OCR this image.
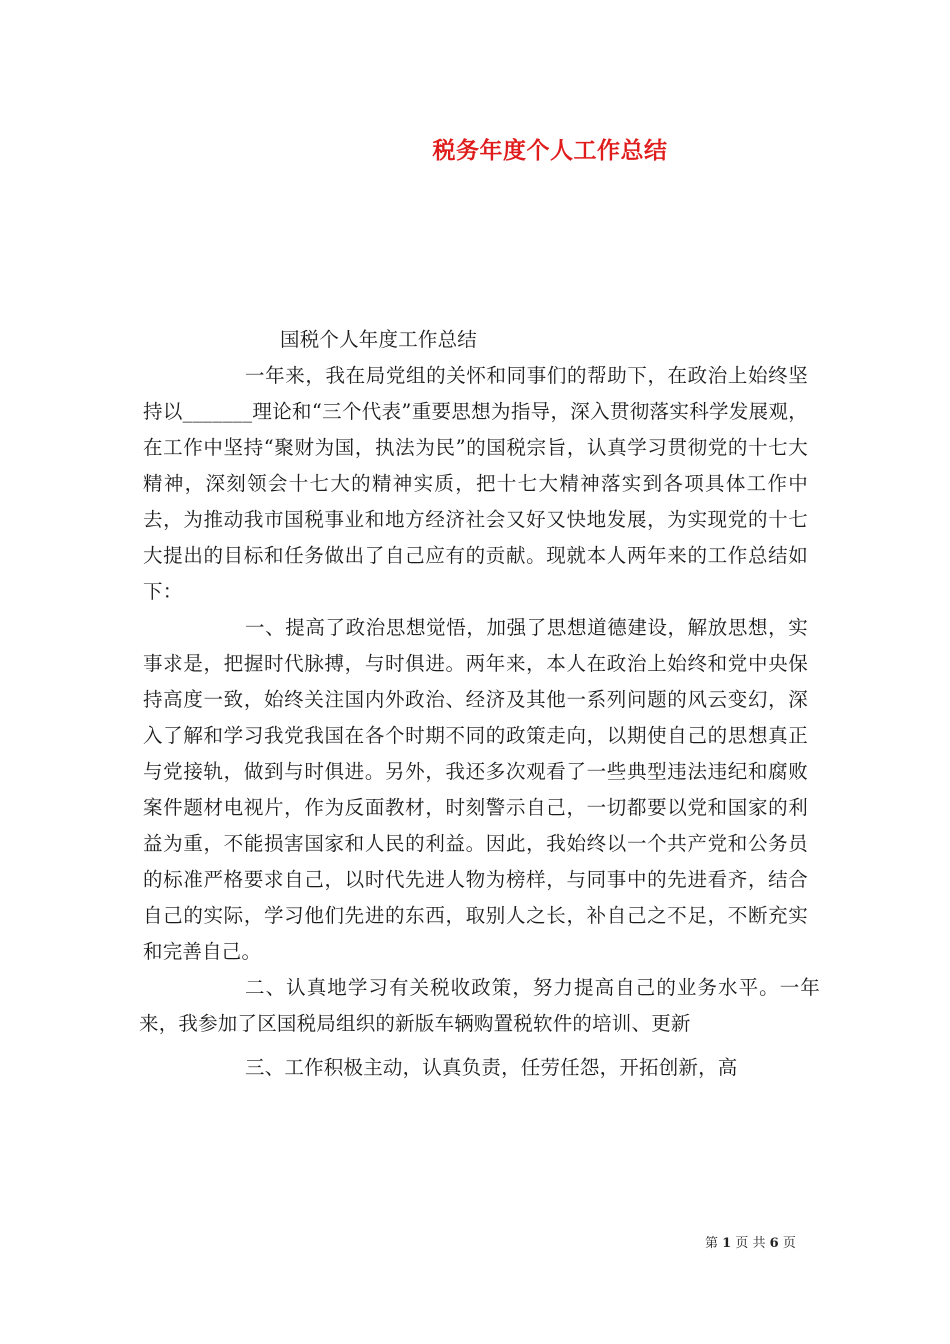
税务年度个人工作总结
国税个人年度工作总结

一年来，我在局党组的关怀和同事们的帮助下，在政治上始终坚持以_______理论和“三个代表”重要思想为指导，深入贯彻落实科学发展观，在工作中坚持“聚财为国，执法为民”的国税宗旨，认真学习贯彻党的十七大精神，深刻领会十七大的精神实质，把十七大精神落实到各项具体工作中去，为推动我市国税事业和地方经济社会又好又快地发展，为实现党的十七大提出的目标和任务做出了自己应有的贡献。现就本人两年来的工作总结如下：

一、提高了政治思想觉悟，加强了思想道德建设，解放思想，实事求是，把握时代脉搏，与时俱进。两年来，本人在政治上始终和党中央保持高度一致，始终关注国内外政治、经济及其他一系列问题的风云变幻，深入了解和学习我党我国在各个时期不同的政策走向，以期使自己的思想真正与党接轨，做到与时俱进。另外，我还多次观看了一些典型违法违纪和腐败案件题材电视片，作为反面教材，时刻警示自己，一切都要以党和国家的利益为重，不能损害国家和人民的利益。因此，我始终以一个共产党和公务员的标准严格要求自己，以时代先进人物为榜样，与同事中的先进看齐，结合自己的实际，学习他们先进的东西，取别人之长，补自己之不足，不断充实和完善自己。

二、认真地学习有关税收政策，努力提高自己的业务水平。一年来，我参加了区国税局组织的新版车辆购置税软件的培训、更新

三、工作积极主动，认真负责，任劳任怨，开拓创新，高

第 1 页 共 6 页
